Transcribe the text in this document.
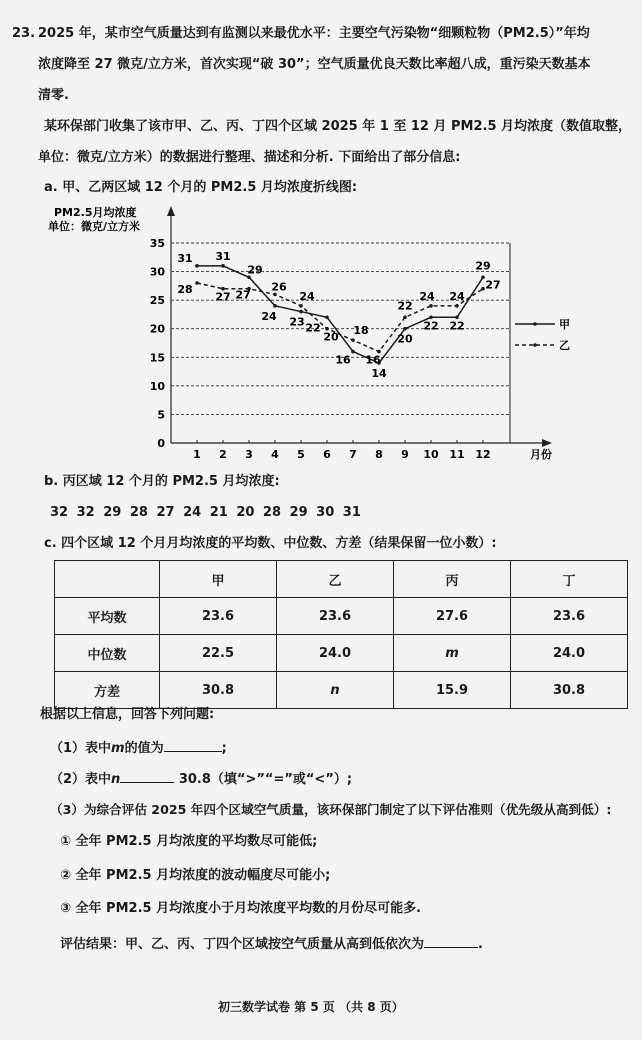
23. 2025 年，某市空气质量达到有监测以来最优水平：主要空气污染物“细颗粒物（PM2.5）”年均
浓度降至 27 微克/立方米，首次实现“破 30”；空气质量优良天数比率超八成，重污染天数基本
清零.
某环保部门收集了该市甲、乙、丙、丁四个区域 2025 年 1 至 12 月 PM2.5 月均浓度（数值取整，
单位：微克/立方米）的数据进行整理、描述和分析. 下面给出了部分信息:
a. 甲、乙两区域 12 个月的 PM2.5 月均浓度折线图:
PM2.5月均浓度
单位：微克/立方米
0
5
10
15
20
25
30
35
1 2 3 4 5 6 7 8 9 10 11 12	月份
31 31
29
24 23 22
16
14
20
22 22
29
甲
28
27 27
26
24
20
18
16
22
24 24
27
乙
b. 丙区域 12 个月的 PM2.5 月均浓度:
32 32 29 28 27 24 21 20 28 29 30 31
c. 四个区域 12 个月月均浓度的平均数、中位数、方差（结果保留一位小数）:
	甲	乙	丙	丁
平均数	23.6	23.6	27.6	23.6
中位数	22.5	24.0	m	24.0
方差	30.8	n	15.9	30.8
根据以上信息，回答下列问题:
（1）表中m的值为	;
（2）表中n	30.8（填“>”“=”或“<”）;
（3）为综合评估 2025 年四个区域空气质量，该环保部门制定了以下评估准则（优先级从高到低）:
① 全年 PM2.5 月均浓度的平均数尽可能低;
② 全年 PM2.5 月均浓度的波动幅度尽可能小;
③ 全年 PM2.5 月均浓度小于月均浓度平均数的月份尽可能多.
评估结果：甲、乙、丙、丁四个区域按空气质量从高到低依次为	.
初三数学试卷 第 5 页 （共 8 页）
